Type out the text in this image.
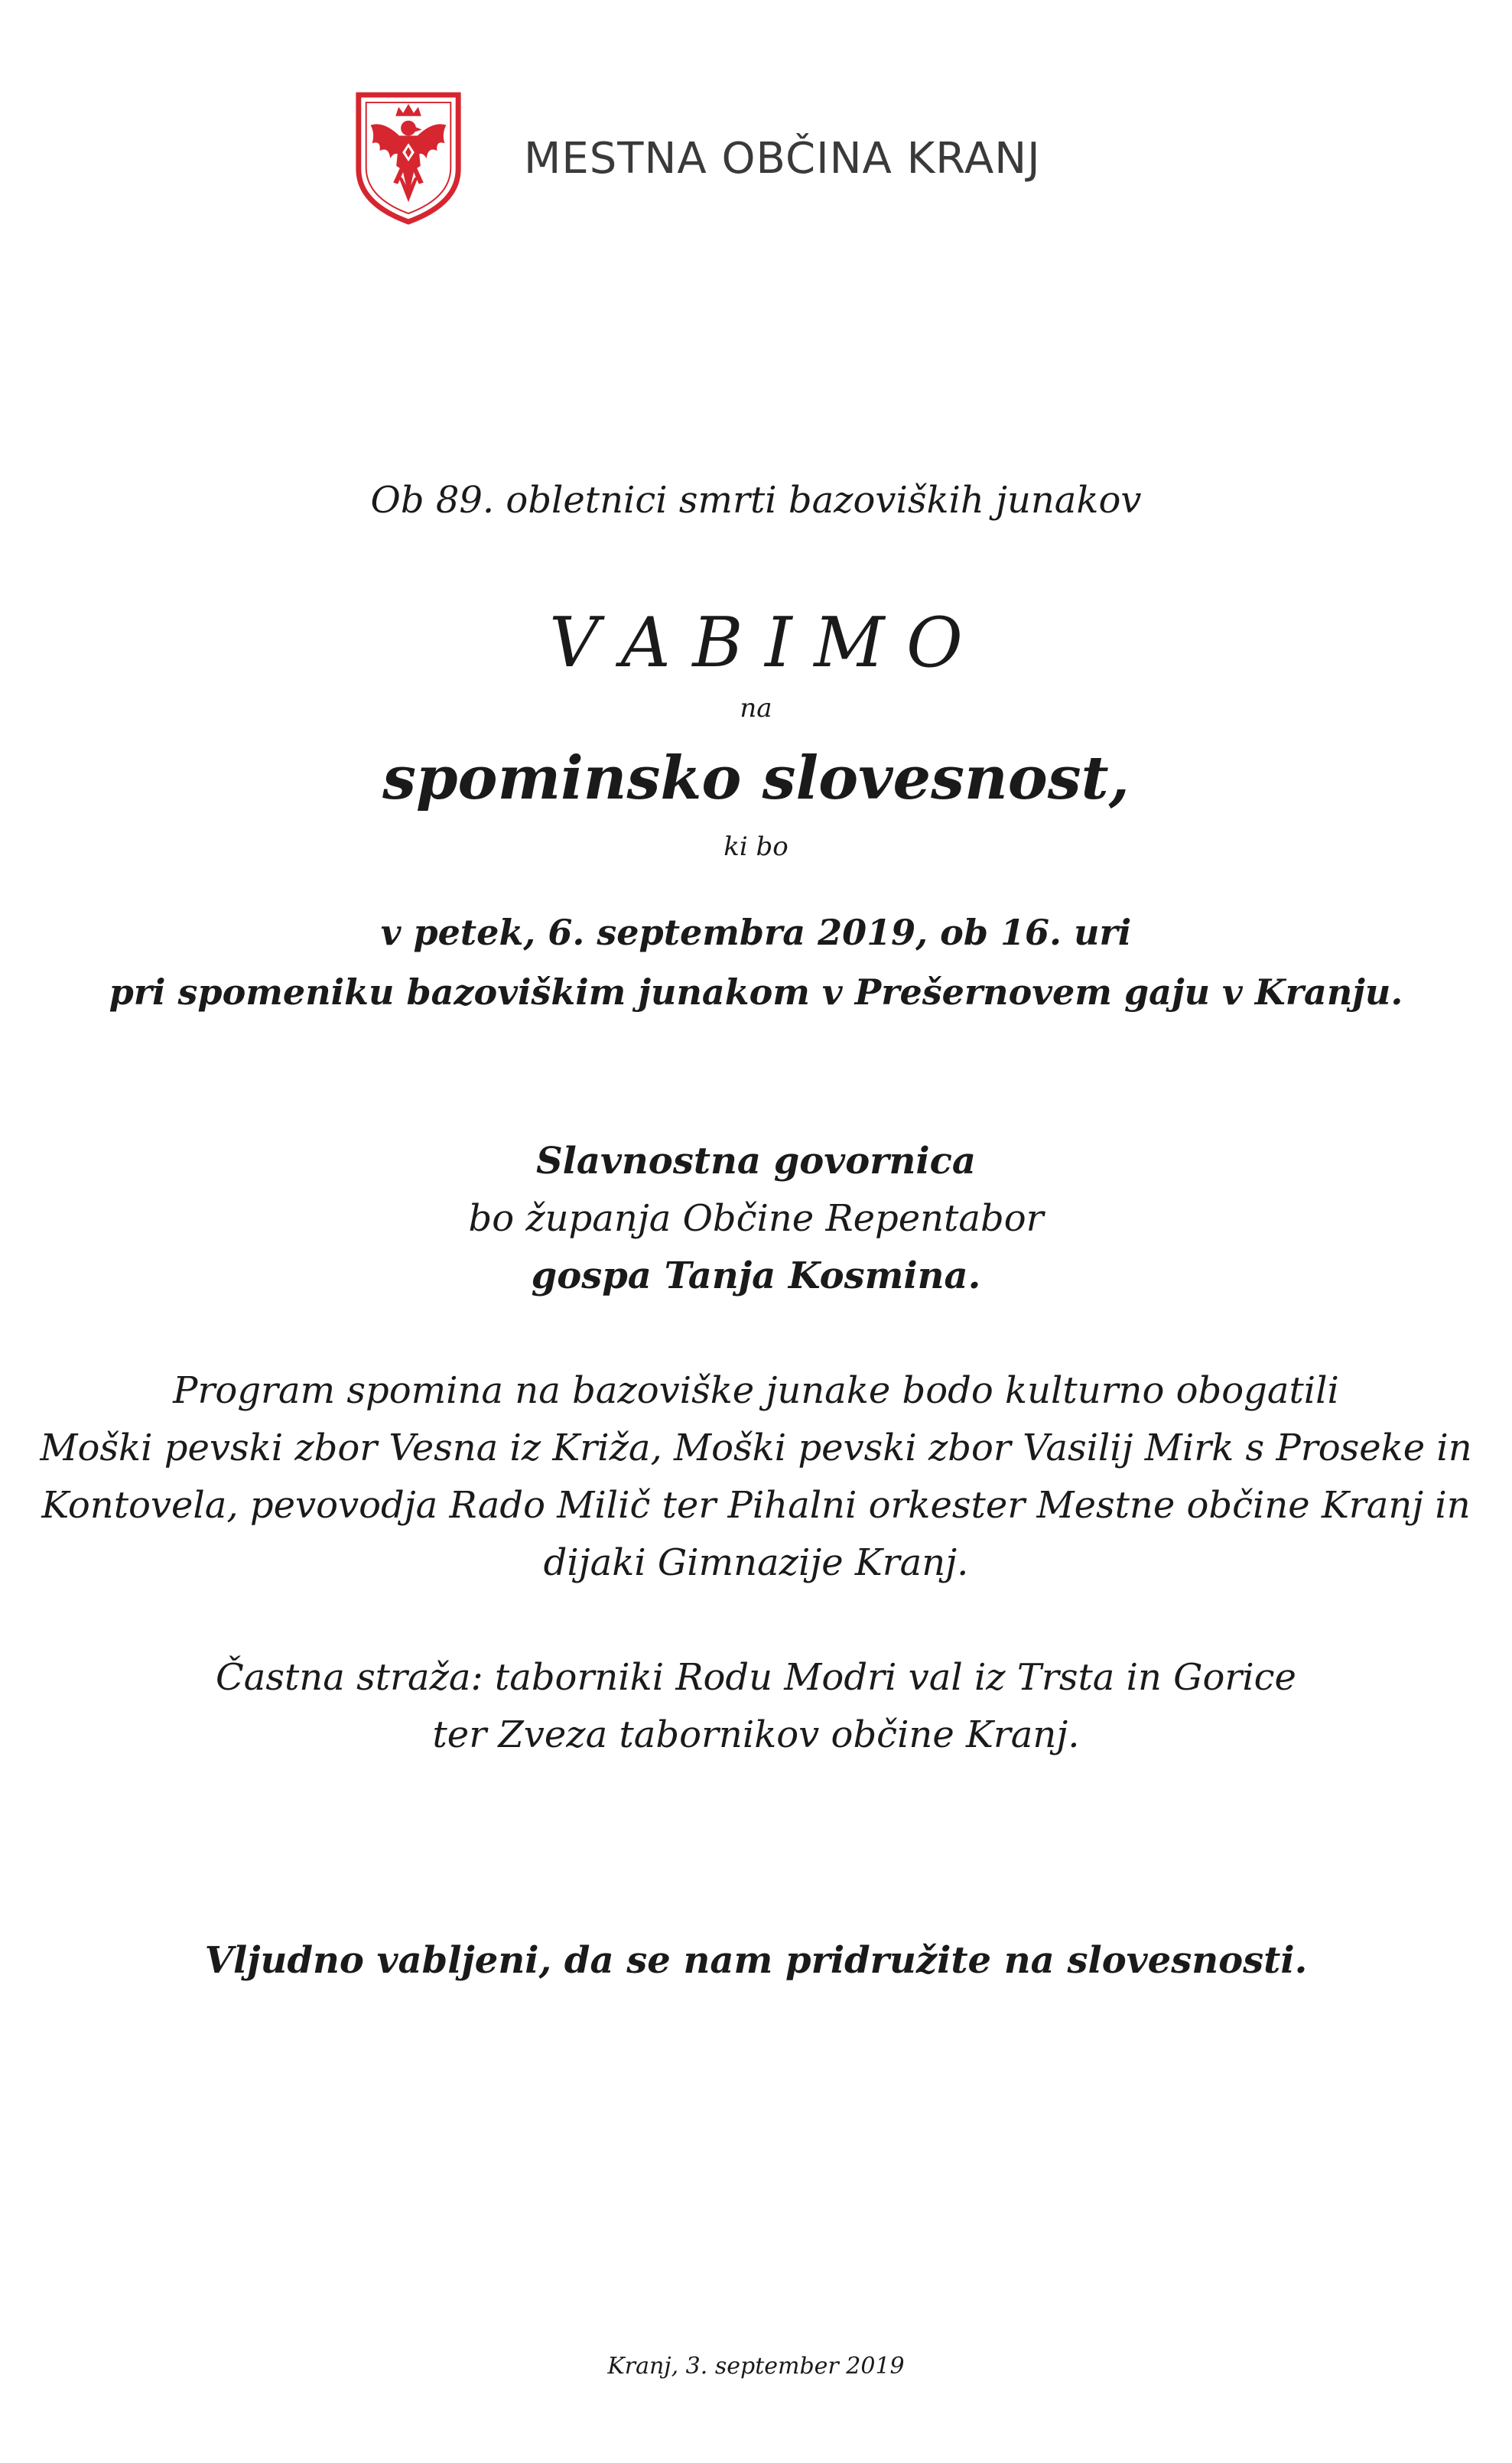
MESTNA OBČINA KRANJ
Ob 89. obletnici smrti bazoviških junakov
V A B I M O
na
spominsko slovesnost,
ki bo
v petek, 6. septembra 2019, ob 16. uri
pri spomeniku bazoviškim junakom v Prešernovem gaju v Kranju.
Slavnostna govornica
bo županja Občine Repentabor
gospa Tanja Kosmina.
Program spomina na bazoviške junake bodo kulturno obogatili
Moški pevski zbor Vesna iz Križa, Moški pevski zbor Vasilij Mirk s Proseke in
Kontovela, pevovodja Rado Milič ter Pihalni orkester Mestne občine Kranj in
dijaki Gimnazije Kranj.
Častna straža: taborniki Rodu Modri val iz Trsta in Gorice
ter Zveza tabornikov občine Kranj.
Vljudno vabljeni, da se nam pridružite na slovesnosti.
Kranj, 3. september 2019
